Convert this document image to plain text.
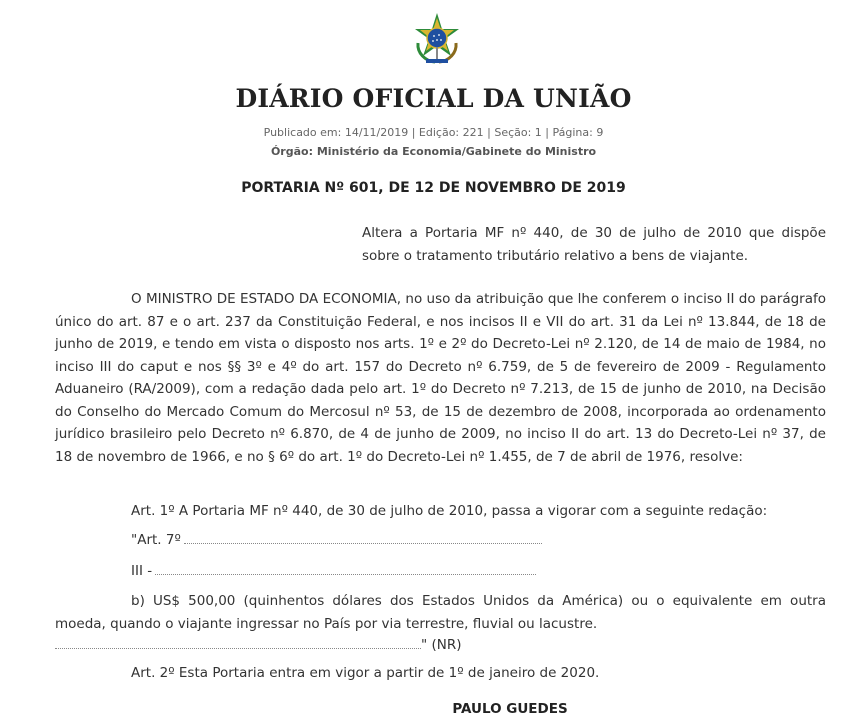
DIÁRIO OFICIAL DA UNIÃO
Publicado em: 14/11/2019 | Edição: 221 | Seção: 1 | Página: 9
Órgão: Ministério da Economia/Gabinete do Ministro
PORTARIA Nº 601, DE 12 DE NOVEMBRO DE 2019
Altera a Portaria MF nº 440, de 30 de julho de 2010 que dispõe sobre o tratamento tributário relativo a bens de viajante.
O MINISTRO DE ESTADO DA ECONOMIA, no uso da atribuição que lhe conferem o inciso II do parágrafo único do art. 87 e o art. 237 da Constituição Federal, e nos incisos II e VII do art. 31 da Lei nº 13.844, de 18 de junho de 2019, e tendo em vista o disposto nos arts. 1º e 2º do Decreto-Lei nº 2.120, de 14 de maio de 1984, no inciso III do caput e nos §§ 3º e 4º do art. 157 do Decreto nº 6.759, de 5 de fevereiro de 2009 - Regulamento Aduaneiro (RA/2009), com a redação dada pelo art. 1º do Decreto nº 7.213, de 15 de junho de 2010, na Decisão do Conselho do Mercado Comum do Mercosul nº 53, de 15 de dezembro de 2008, incorporada ao ordenamento jurídico brasileiro pelo Decreto nº 6.870, de 4 de junho de 2009, no inciso II do art. 13 do Decreto-Lei nº 37, de 18 de novembro de 1966, e no § 6º do art. 1º do Decreto-Lei nº 1.455, de 7 de abril de 1976, resolve:
Art. 1º A Portaria MF nº 440, de 30 de julho de 2010, passa a vigorar com a seguinte redação:
"Art. 7º
III -
b) US$ 500,00 (quinhentos dólares dos Estados Unidos da América) ou o equivalente em outra moeda, quando o viajante ingressar no País por via terrestre, fluvial ou lacustre.
" (NR)
Art. 2º Esta Portaria entra em vigor a partir de 1º de janeiro de 2020.
PAULO GUEDES
